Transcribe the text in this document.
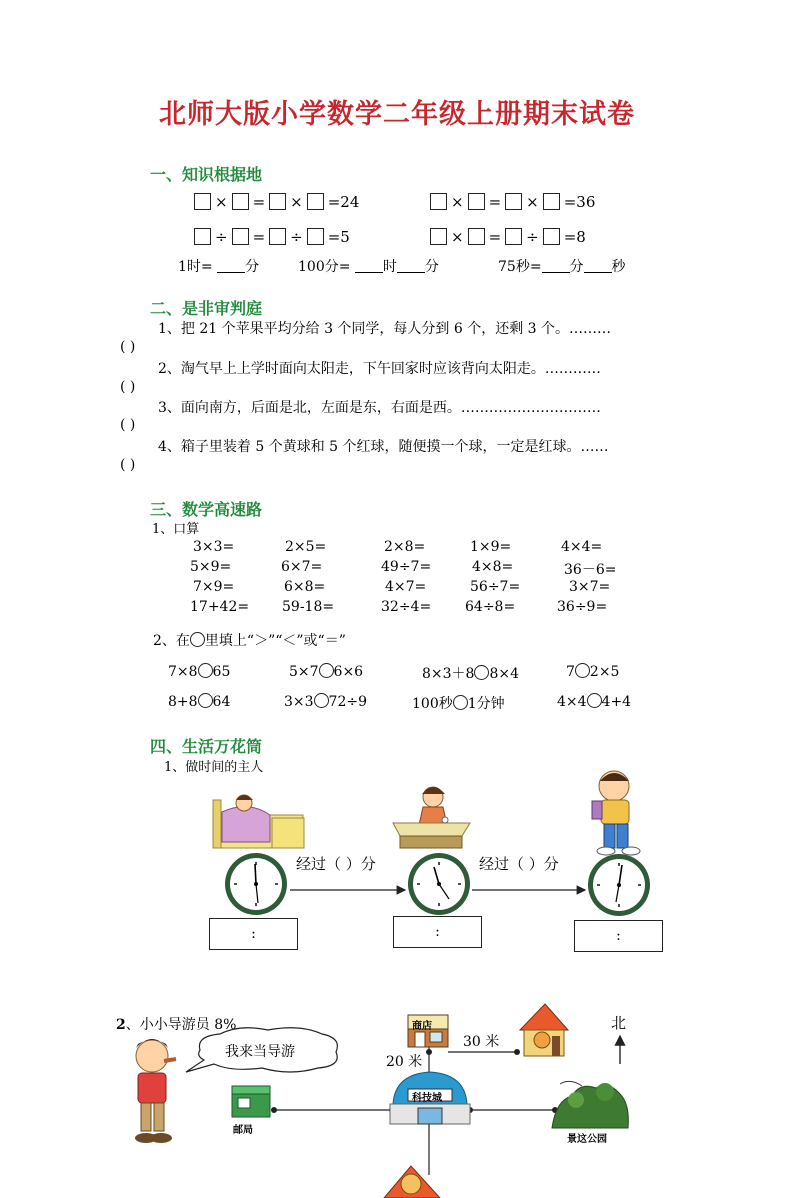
北师大版小学数学二年级上册期末试卷
一、知识根据地
× = × =24	× = × =36
÷ = ÷ =5	× = ÷ =8
1时= 分	100分= 时 分	75秒= 分 秒
二、是非审判庭
1、把 21 个苹果平均分给 3 个同学，每人分到 6 个，还剩 3 个。………
( )
2、淘气早上上学时面向太阳走，下午回家时应该背向太阳走。…………
( )
3、面向南方，后面是北，左面是东，右面是西。…………………………
( )
4、箱子里装着 5 个黄球和 5 个红球，随便摸一个球，一定是红球。……
( )
三、数学高速路
1、口算
3×3=	2×5=	2×8=	1×9=	4×4=
5×9=	6×7=	49÷7=	4×8=	36－6=
7×9=	6×8=	4×7=	56÷7=	3×7=
17+42= 59-18=	32÷4= 64÷8=	36÷9=
2、在 里填上“＞”“＜”或“＝”
7×8 65	5×7 6×6	8×3＋8 8×4	7 2×5
8+8 64	3×3 72÷9	100秒 1分钟	4×4 4+4
四、生活万花筒
1、做时间的主人
经过（ ）分	经过（ ）分
:	:	:
2、小小导游员 8%
我来当导游
北
30 米
20 米
商店
科技城
邮局
景这公园
